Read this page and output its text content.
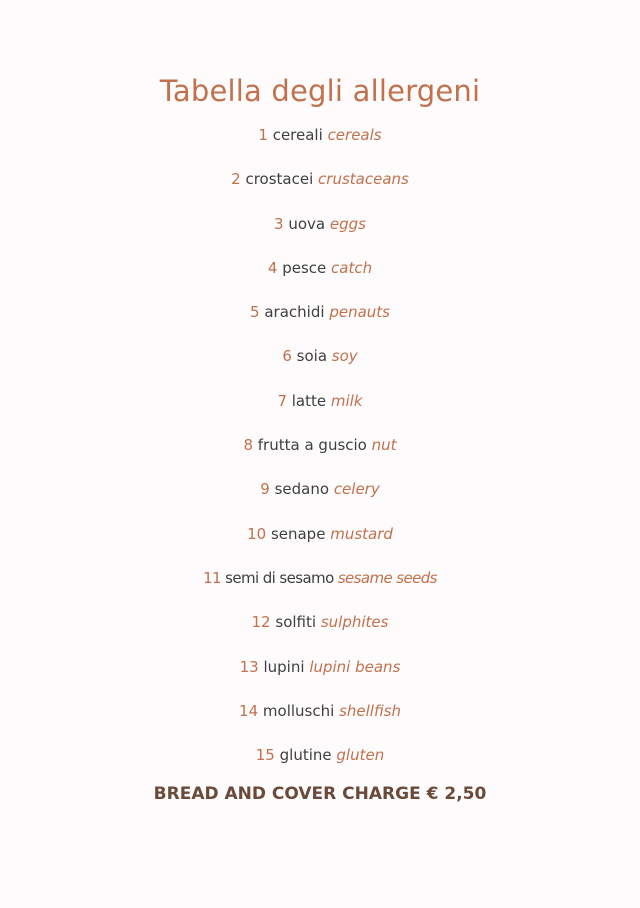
Tabella degli allergeni
1 cereali cereals
2 crostacei crustaceans
3 uova eggs
4 pesce catch
5 arachidi penauts
6 soia soy
7 latte milk
8 frutta a guscio nut
9 sedano celery
10 senape mustard
11 semi di sesamo sesame seeds
12 solfiti sulphites
13 lupini lupini beans
14 molluschi shellfish
15 glutine gluten

BREAD AND COVER CHARGE € 2,50
